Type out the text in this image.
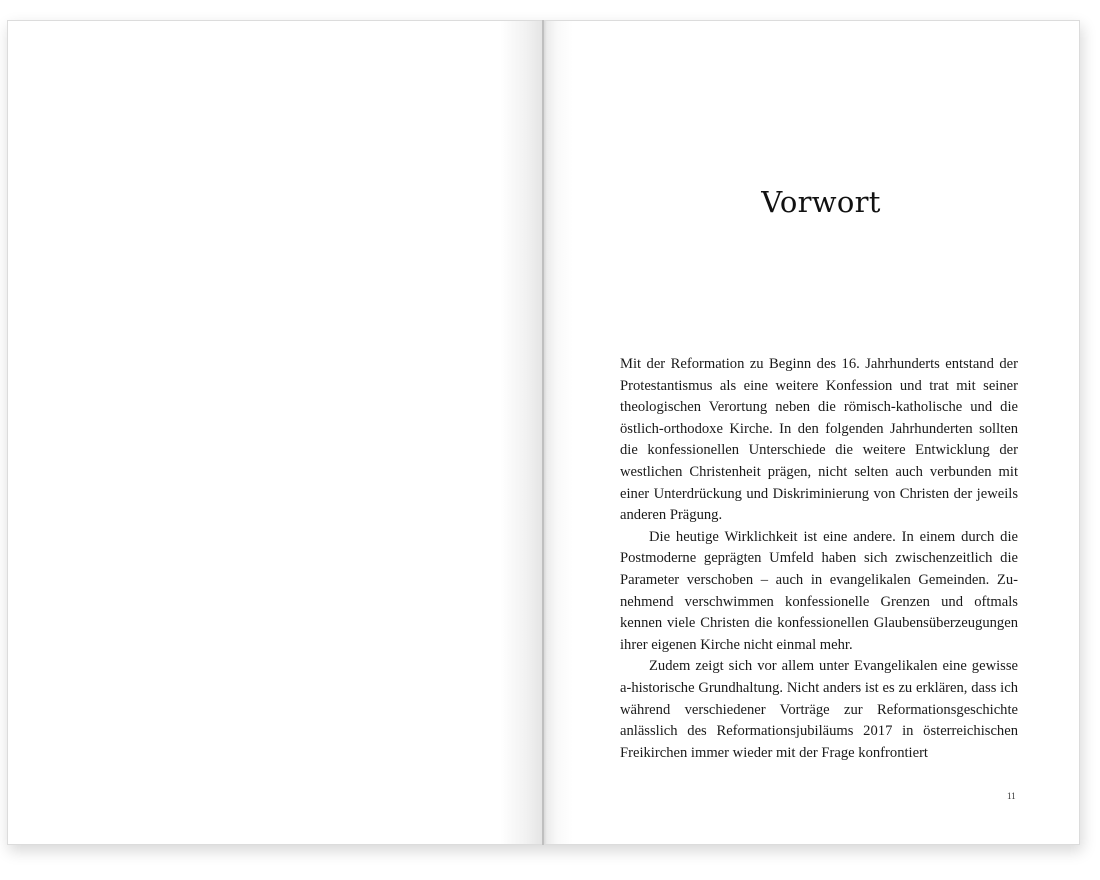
Vorwort

Mit der Reformation zu Beginn des 16. Jahrhunderts entstand der Protestantismus als eine weitere Konfession und trat mit seiner theologischen Verortung neben die römisch-katholische und die östlich-orthodoxe Kirche. In den folgenden Jahrhunderten sollten die konfessionellen Unterschiede die weitere Entwicklung der westlichen Christenheit prägen, nicht selten auch verbunden mit einer Unterdrückung und Diskriminierung von Christen der jeweils anderen Prägung.

Die heutige Wirklichkeit ist eine andere. In einem durch die Postmoderne geprägten Umfeld haben sich zwischenzeitlich die Parameter verschoben – auch in evangelikalen Gemeinden. Zunehmend verschwimmen konfessionelle Grenzen und oftmals kennen viele Christen die konfessionellen Glaubensüberzeugungen ihrer eigenen Kirche nicht einmal mehr.

Zudem zeigt sich vor allem unter Evangelikalen eine gewisse a-historische Grundhaltung. Nicht anders ist es zu erklären, dass ich während verschiedener Vorträge zur Reformationsgeschichte anlässlich des Reformationsjubiläums 2017 in österreichischen Freikirchen immer wieder mit der Frage konfrontiert

11
